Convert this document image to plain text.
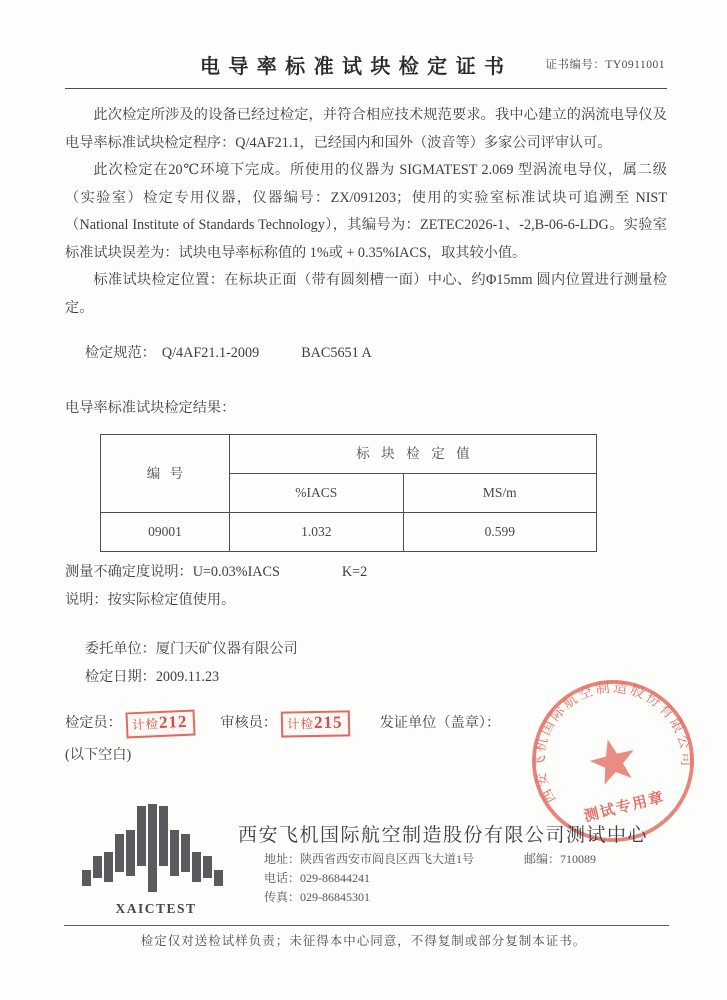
电导率标准试块检定证书	证书编号：TY0911001

此次检定所涉及的设备已经过检定，并符合相应技术规范要求。我中心建立的涡流电导仪及电导率标准试块检定程序：Q/4AF21.1，已经国内和国外（波音等）多家公司评审认可。

此次检定在20℃环境下完成。所使用的仪器为 SIGMATEST 2.069 型涡流电导仪，属二级（实验室）检定专用仪器，仪器编号：ZX/091203；使用的实验室标准试块可追溯至 NIST（National Institute of Standards Technology），其编号为：ZETEC2026-1、-2,B-06-6-LDG。实验室标准试块误差为：试块电导率标称值的 1%或 + 0.35%IACS，取其较小值。

标准试块检定位置：在标块正面（带有圆刻槽一面）中心、约Φ15mm 圆内位置进行测量检定。

检定规范： Q/4AF21.1-2009	BAC5651 A

电导率标准试块检定结果：

编号	标块检定值	
	%IACS	MS/m
09001	1.032	0.599

测量不确定度说明：U=0.03%IACS	K=2

说明：按实际检定值使用。

委托单位：厦门天矿仪器有限公司

检定日期：2009.11.23

检定员： 计检 212 审核员： 计检 215	发证单位（盖章）：

(以下空白)

西安飞机国际航空制造股份有限公司
测试专用章
XAICTEST
西安飞机国际航空制造股份有限公司测试中心
地址：陕西省西安市阎良区西飞大道1号	邮编：710089
电话：029-86844241
传真：029-86845301
检定仅对送检试样负责；未征得本中心同意，不得复制或部分复制本证书。
